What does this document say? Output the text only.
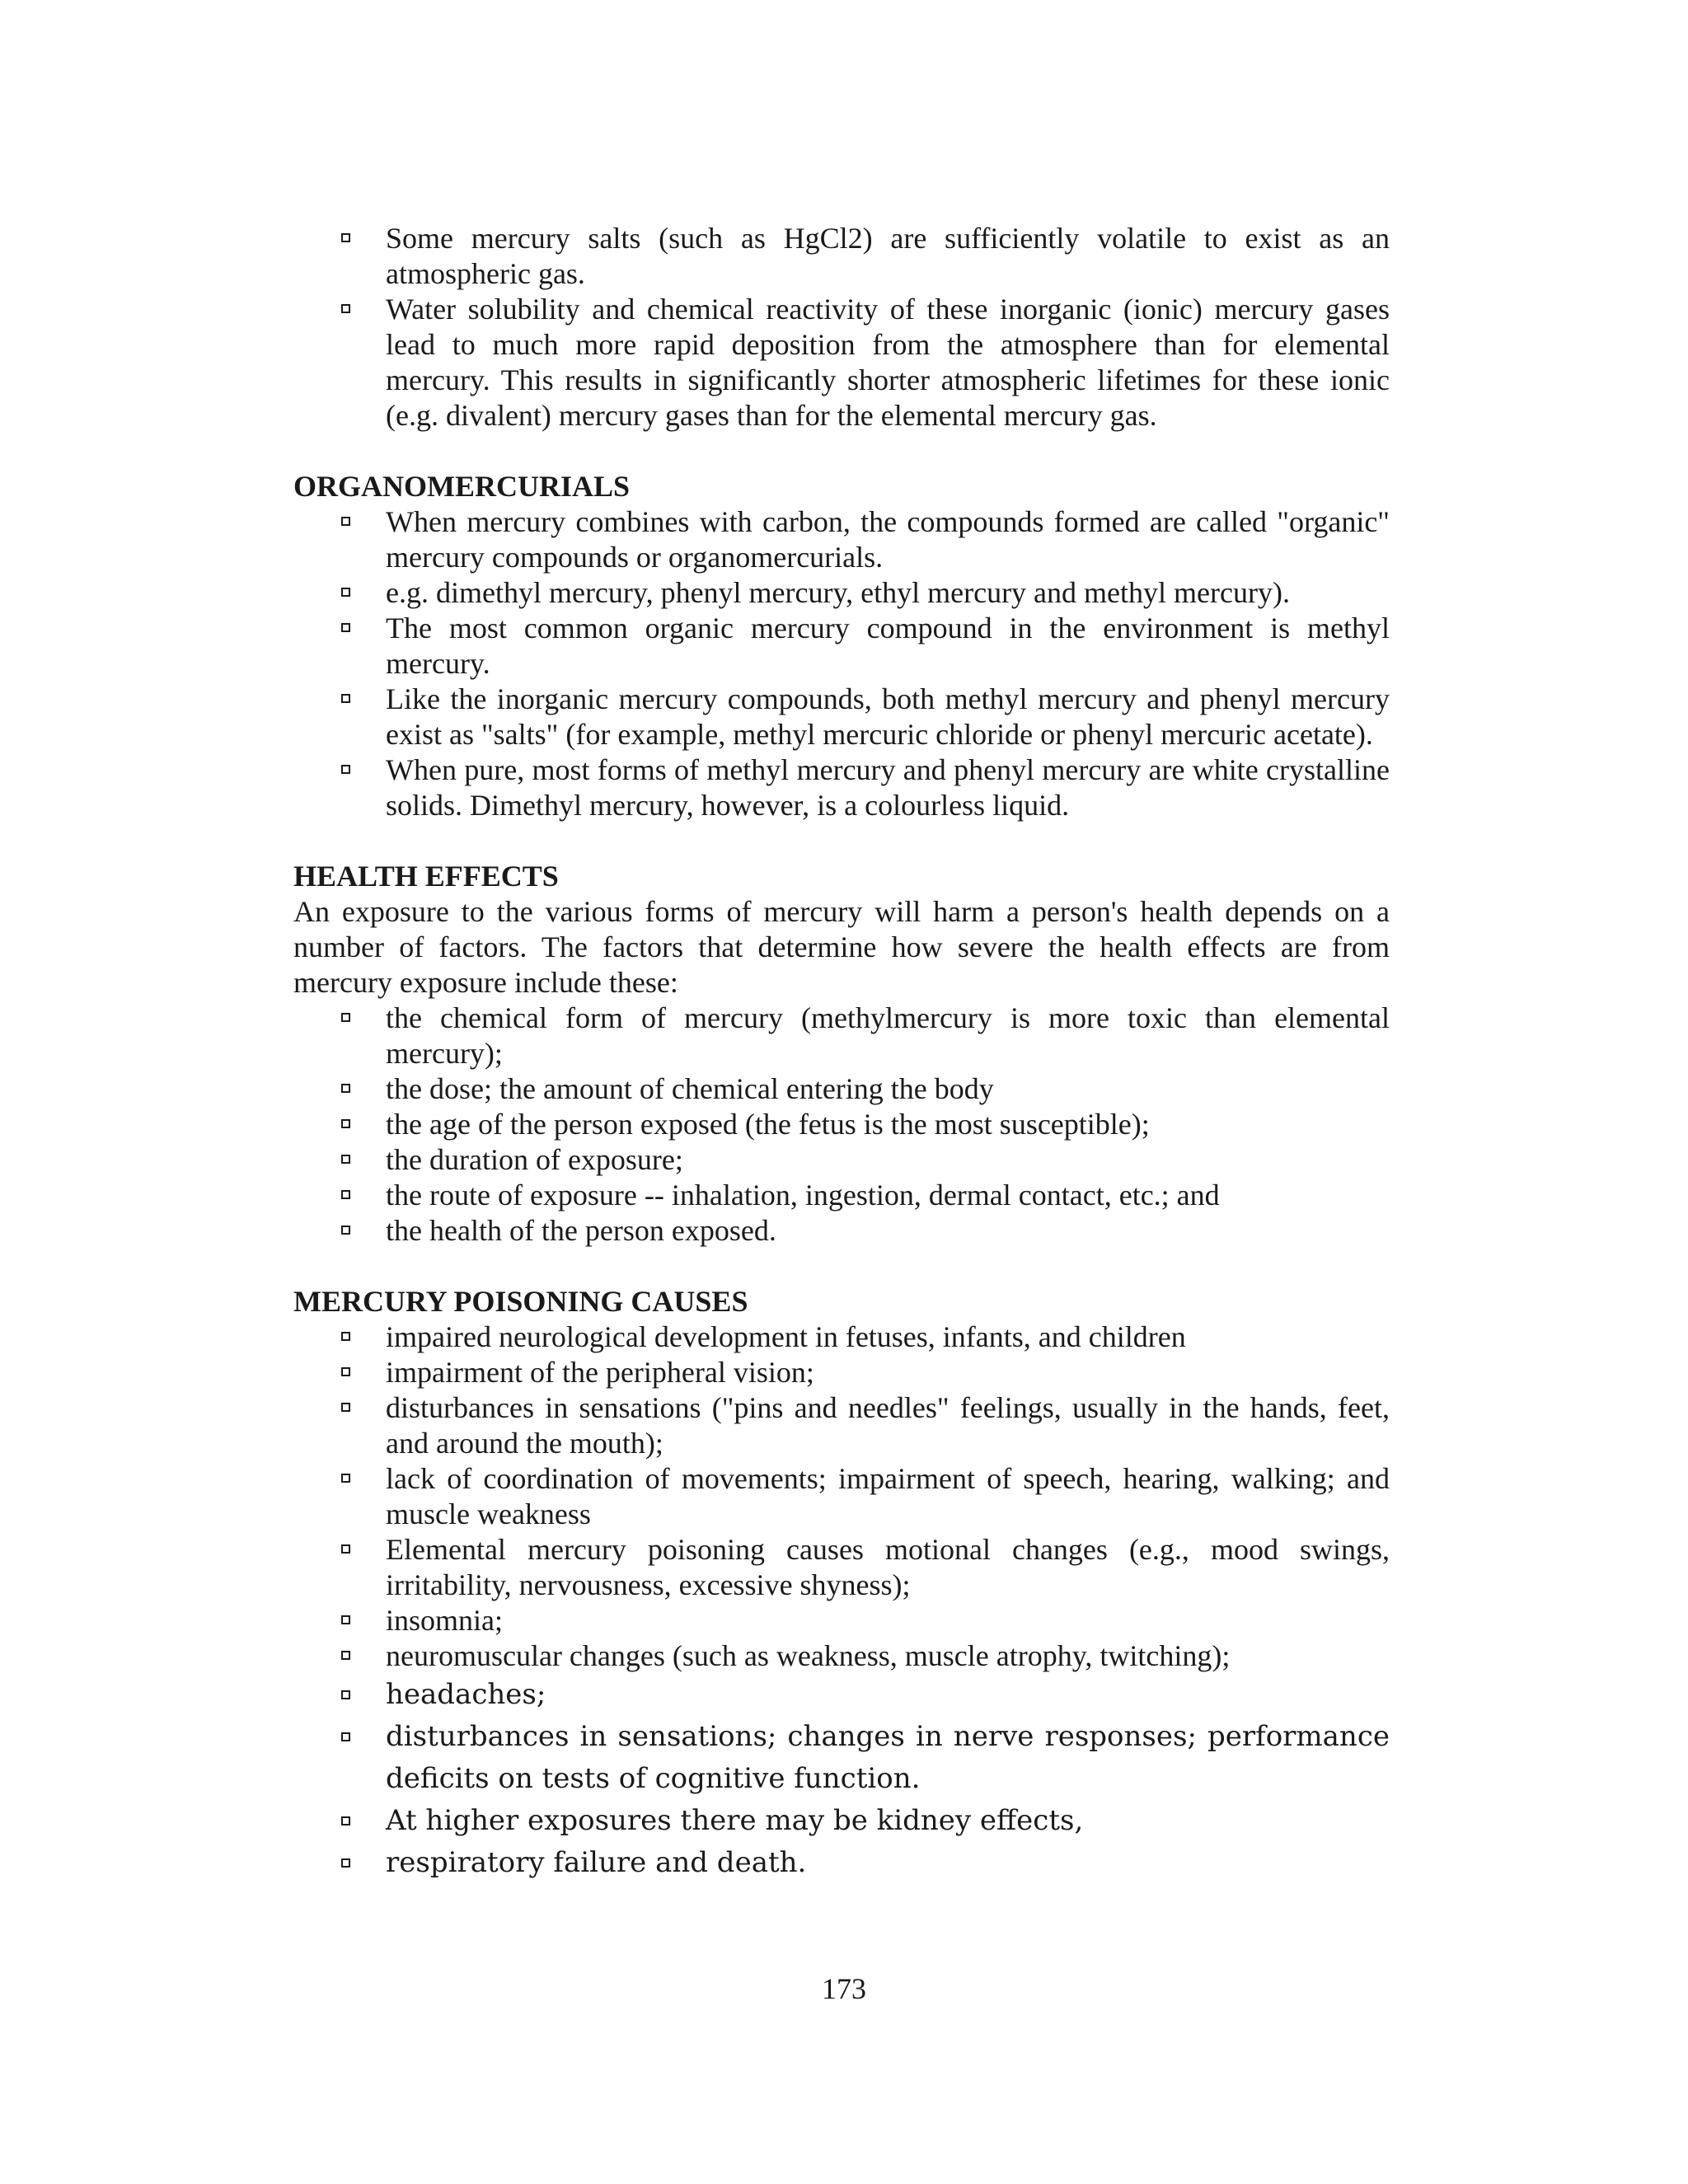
Some mercury salts (such as HgCl2) are sufficiently volatile to exist as an atmospheric gas.
Water solubility and chemical reactivity of these inorganic (ionic) mercury gases lead to much more rapid deposition from the atmosphere than for elemental mercury. This results in significantly shorter atmospheric lifetimes for these ionic (e.g. divalent) mercury gases than for the elemental mercury gas.
ORGANOMERCURIALS
When mercury combines with carbon, the compounds formed are called "organic" mercury compounds or organomercurials.
e.g. dimethyl mercury, phenyl mercury, ethyl mercury and methyl mercury).
The most common organic mercury compound in the environment is methyl mercury.
Like the inorganic mercury compounds, both methyl mercury and phenyl mercury exist as "salts" (for example, methyl mercuric chloride or phenyl mercuric acetate).
When pure, most forms of methyl mercury and phenyl mercury are white crystalline solids. Dimethyl mercury, however, is a colourless liquid.
HEALTH EFFECTS

An exposure to the various forms of mercury will harm a person's health depends on a number of factors. The factors that determine how severe the health effects are from mercury exposure include these:

the chemical form of mercury (methylmercury is more toxic than elemental mercury);
the dose; the amount of chemical entering the body
the age of the person exposed (the fetus is the most susceptible);
the duration of exposure;
the route of exposure -- inhalation, ingestion, dermal contact, etc.; and
the health of the person exposed.
MERCURY POISONING CAUSES
impaired neurological development in fetuses, infants, and children
impairment of the peripheral vision;
disturbances in sensations ("pins and needles" feelings, usually in the hands, feet, and around the mouth);
lack of coordination of movements; impairment of speech, hearing, walking; and muscle weakness
Elemental mercury poisoning causes motional changes (e.g., mood swings, irritability, nervousness, excessive shyness);
insomnia;
neuromuscular changes (such as weakness, muscle atrophy, twitching);
headaches;
disturbances in sensations; changes in nerve responses; performance deficits on tests of cognitive function.
At higher exposures there may be kidney effects,
respiratory failure and death.
173
